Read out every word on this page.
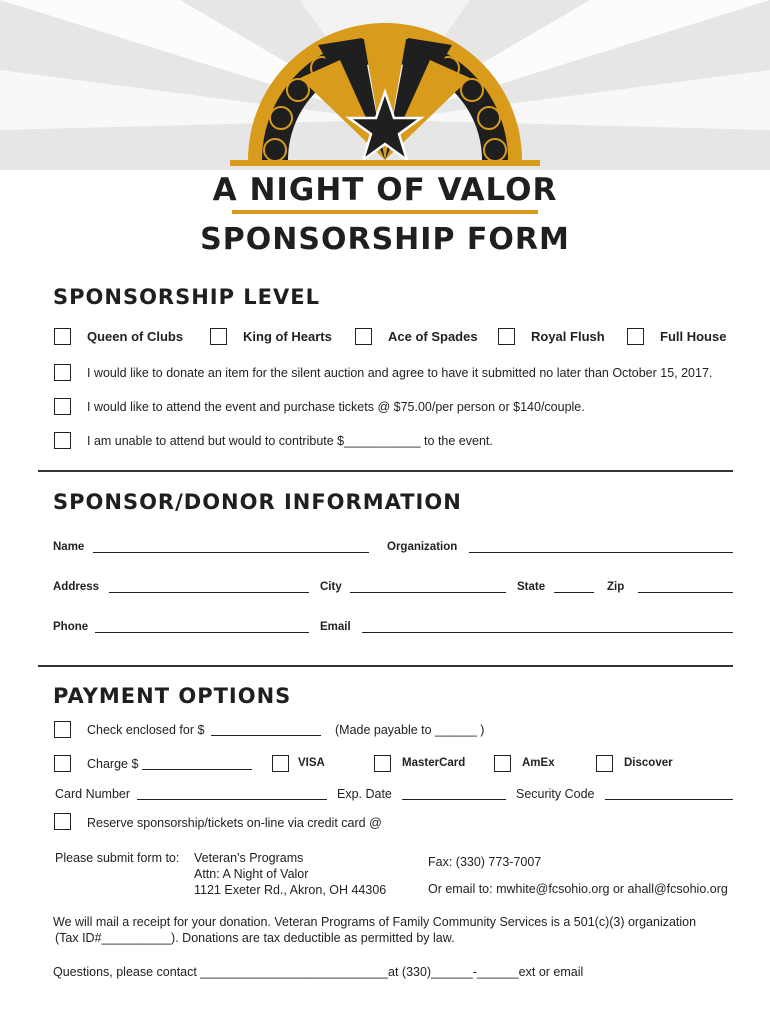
A NIGHT OF VALOR
SPONSORSHIP FORM
SPONSORSHIP LEVEL
Queen of Clubs	King of Hearts	Ace of Spades	Royal Flush	Full House
I would like to donate an item for the silent auction and agree to have it submitted no later than October 15, 2017.
I would like to attend the event and purchase tickets @ $75.00/per person or $140/couple.
I am unable to attend but would to contribute $___________ to the event.
SPONSOR/DONOR INFORMATION
Name	Organization
Address	City	State	Zip
Phone	Email
PAYMENT OPTIONS
Check enclosed for $	(Made payable to ______ )
Charge $	VISA	MasterCard	AmEx	Discover
Card Number	Exp. Date	Security Code
Reserve sponsorship/tickets on-line via credit card @
Please submit form to: Veteran's Programs
Attn: A Night of Valor
1121 Exeter Rd., Akron, OH 44306
Fax: (330) 773-7007
Or email to: mwhite@fcsohio.org or ahall@fcsohio.org
We will mail a receipt for your donation. Veteran Programs of Family Community Services is a 501(c)(3) organization
(Tax ID#__________). Donations are tax deductible as permitted by law.
Questions, please contact ___________________________at (330)______-______ext or email
